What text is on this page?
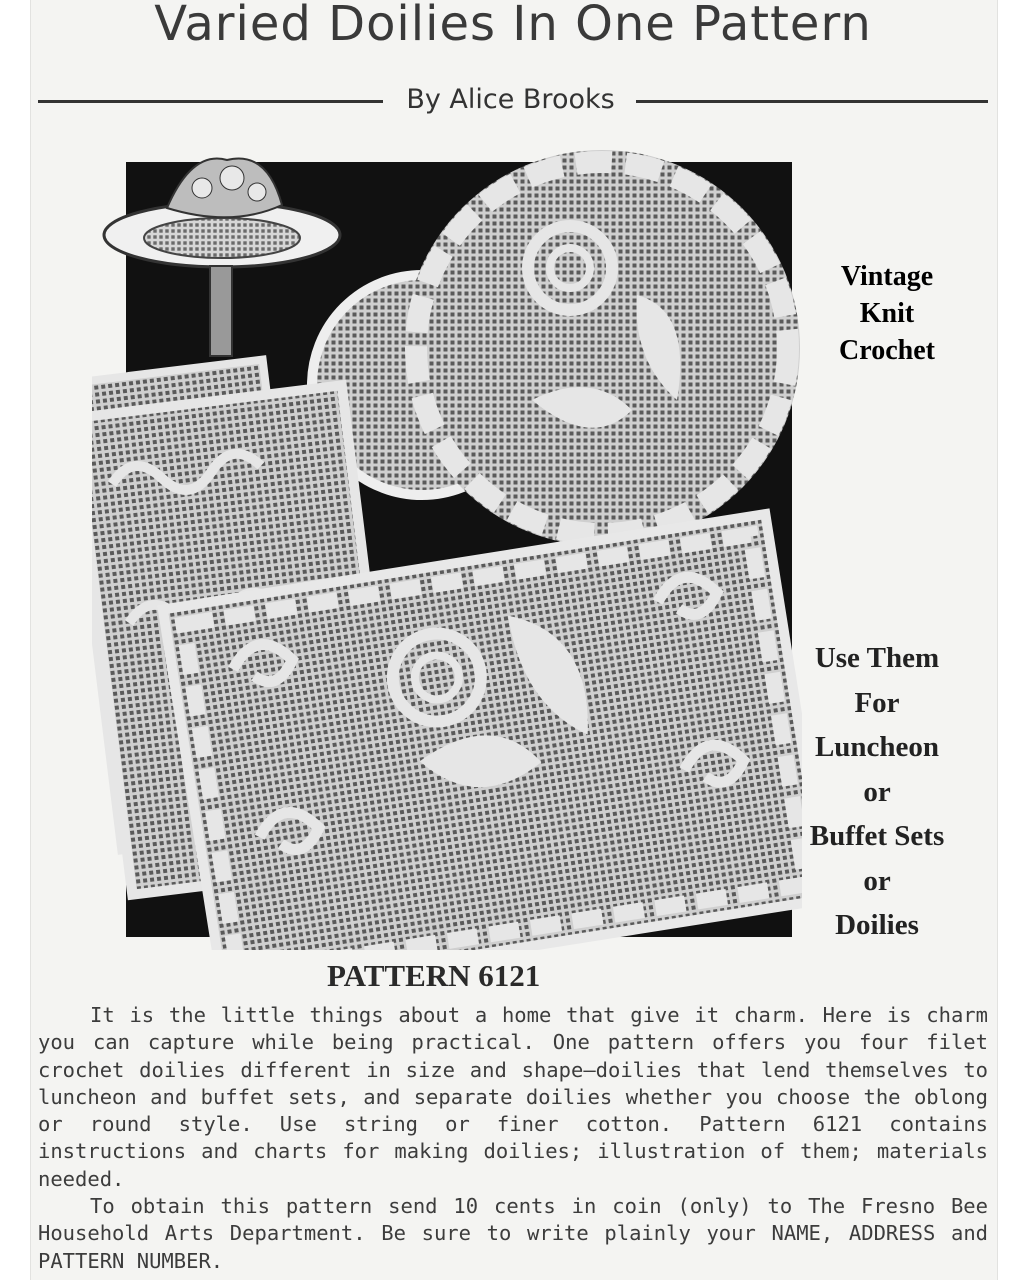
Varied Doilies In One Pattern
By Alice Brooks
Vintage
Knit
Crochet
Use Them
For
Luncheon
or
Buffet Sets
or
Doilies
PATTERN 6121

It is the little things about a home that give it charm. Here is charm you can capture while being practical. One pattern offers you four filet crochet doilies different in size and shape—doilies that lend themselves to luncheon and buffet sets, and separate doilies whether you choose the oblong or round style. Use string or finer cotton. Pattern 6121 contains instructions and charts for making doilies; illustration of them; materials needed.

To obtain this pattern send 10 cents in coin (only) to The Fresno Bee Household Arts Department. Be sure to write plainly your NAME, ADDRESS and PATTERN NUMBER.
